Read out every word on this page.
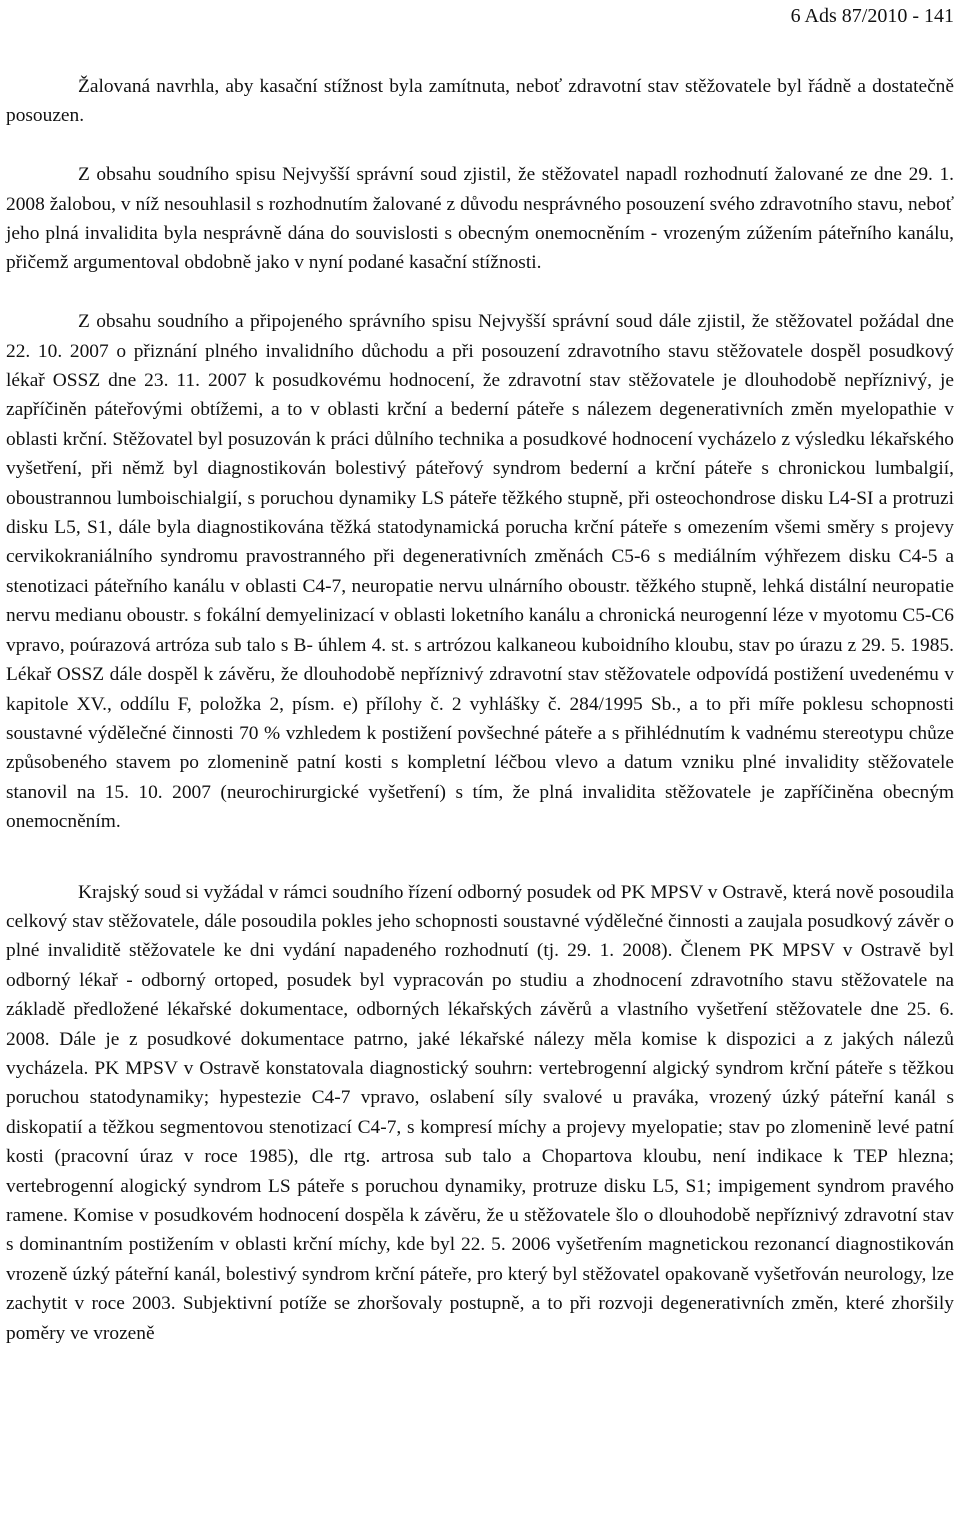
6 Ads 87/2010 - 141

Žalovaná navrhla, aby kasační stížnost byla zamítnuta, neboť zdravotní stav stěžovatele byl řádně a dostatečně posouzen.

Z obsahu soudního spisu Nejvyšší správní soud zjistil, že stěžovatel napadl rozhodnutí žalované ze dne 29. 1. 2008 žalobou, v níž nesouhlasil s rozhodnutím žalované z důvodu nesprávného posouzení svého zdravotního stavu, neboť jeho plná invalidita byla nesprávně dána do souvislosti s obecným onemocněním - vrozeným zúžením páteřního kanálu, přičemž argumentoval obdobně jako v nyní podané kasační stížnosti.

Z obsahu soudního a připojeného správního spisu Nejvyšší správní soud dále zjistil, že stěžovatel požádal dne 22. 10. 2007 o přiznání plného invalidního důchodu a při posouzení zdravotního stavu stěžovatele dospěl posudkový lékař OSSZ dne 23. 11. 2007 k posudkovému hodnocení, že zdravotní stav stěžovatele je dlouhodobě nepříznivý, je zapříčiněn páteřovými obtížemi, a to v oblasti krční a bederní páteře s nálezem degenerativních změn myelopathie v oblasti krční. Stěžovatel byl posuzován k práci důlního technika a posudkové hodnocení vycházelo z výsledku lékařského vyšetření, při němž byl diagnostikován bolestivý páteřový syndrom bederní a krční páteře s chronickou lumbalgií, oboustrannou lumboischialgií, s poruchou dynamiky LS páteře těžkého stupně, při osteochondrose disku L4-SI a protruzi disku L5, S1, dále byla diagnostikována těžká statodynamická porucha krční páteře s omezením všemi směry s projevy cervikokraniálního syndromu pravostranného při degenerativních změnách C5-6 s mediálním výhřezem disku C4-5 a stenotizaci páteřního kanálu v oblasti C4-7, neuropatie nervu ulnárního oboustr. těžkého stupně, lehká distální neuropatie nervu medianu oboustr. s fokální demyelinizací v oblasti loketního kanálu a chronická neurogenní léze v myotomu C5-C6 vpravo, poúrazová artróza sub talo s B- úhlem 4. st. s artrózou kalkaneou kuboidního kloubu, stav po úrazu z 29. 5. 1985. Lékař OSSZ dále dospěl k závěru, že dlouhodobě nepříznivý zdravotní stav stěžovatele odpovídá postižení uvedenému v kapitole XV., oddílu F, položka 2, písm. e) přílohy č. 2 vyhlášky č. 284/1995 Sb., a to při míře poklesu schopnosti soustavné výdělečné činnosti 70 % vzhledem k postižení povšechné páteře a s přihlédnutím k vadnému stereotypu chůze způsobeného stavem po zlomenině patní kosti s kompletní léčbou vlevo a datum vzniku plné invalidity stěžovatele stanovil na 15. 10. 2007 (neurochirurgické vyšetření) s tím, že plná invalidita stěžovatele je zapříčiněna obecným onemocněním.

Krajský soud si vyžádal v rámci soudního řízení odborný posudek od PK MPSV v Ostravě, která nově posoudila celkový stav stěžovatele, dále posoudila pokles jeho schopnosti soustavné výdělečné činnosti a zaujala posudkový závěr o plné invaliditě stěžovatele ke dni vydání napadeného rozhodnutí (tj. 29. 1. 2008). Členem PK MPSV v Ostravě byl odborný lékař - odborný ortoped, posudek byl vypracován po studiu a zhodnocení zdravotního stavu stěžovatele na základě předložené lékařské dokumentace, odborných lékařských závěrů a vlastního vyšetření stěžovatele dne 25. 6. 2008. Dále je z posudkové dokumentace patrno, jaké lékařské nálezy měla komise k dispozici a z jakých nálezů vycházela. PK MPSV v Ostravě konstatovala diagnostický souhrn: vertebrogenní algický syndrom krční páteře s těžkou poruchou statodynamiky; hypestezie C4-7 vpravo, oslabení síly svalové u praváka, vrozený úzký páteřní kanál s diskopatií a těžkou segmentovou stenotizací C4-7, s kompresí míchy a projevy myelopatie; stav po zlomenině levé patní kosti (pracovní úraz v roce 1985), dle rtg. artrosa sub talo a Chopartova kloubu, není indikace k TEP hlezna; vertebrogenní alogický syndrom LS páteře s poruchou dynamiky, protruze disku L5, S1; impigement syndrom pravého ramene. Komise v posudkovém hodnocení dospěla k závěru, že u stěžovatele šlo o dlouhodobě nepříznivý zdravotní stav s dominantním postižením v oblasti krční míchy, kde byl 22. 5. 2006 vyšetřením magnetickou rezonancí diagnostikován vrozeně úzký páteřní kanál, bolestivý syndrom krční páteře, pro který byl stěžovatel opakovaně vyšetřován neurology, lze zachytit v roce 2003. Subjektivní potíže se zhoršovaly postupně, a to při rozvoji degenerativních změn, které zhoršily poměry ve vrozeně
